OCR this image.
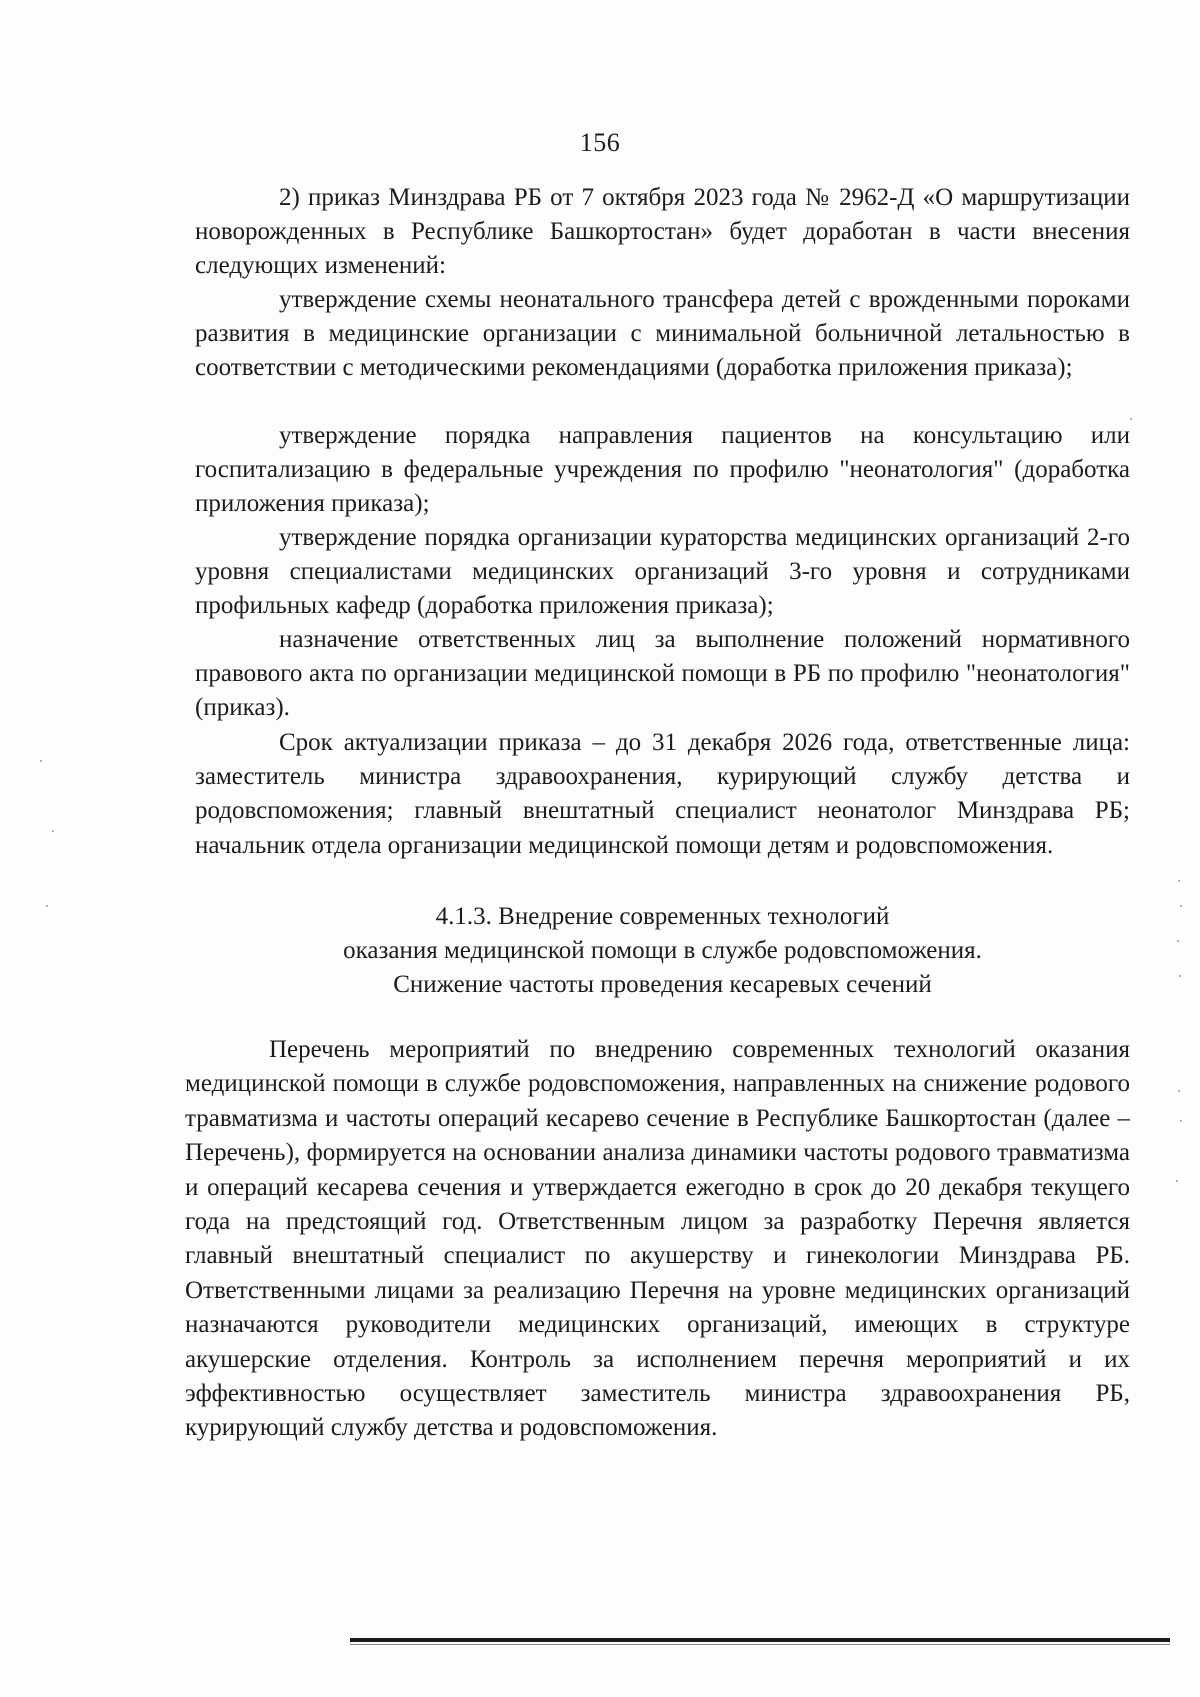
156
2) приказ Минздрава РБ от 7 октября 2023 года № 2962-Д «О маршрутизации новорожденных в Республике Башкортостан» будет доработан в части внесения следующих изменений:
утверждение схемы неонатального трансфера детей с врожденными пороками развития в медицинские организации с минимальной больничной летальностью в соответствии с методическими рекомендациями (доработка приложения приказа);
утверждение порядка направления пациентов на консультацию или госпитализацию в федеральные учреждения по профилю "неонатология" (доработка приложения приказа);
утверждение порядка организации кураторства медицинских организаций 2-го уровня специалистами медицинских организаций 3-го уровня и сотрудниками профильных кафедр (доработка приложения приказа);
назначение ответственных лиц за выполнение положений нормативного правового акта по организации медицинской помощи в РБ по профилю "неонатология" (приказ).
Срок актуализации приказа – до 31 декабря 2026 года, ответственные лица: заместитель министра здравоохранения, курирующий службу детства и родовспоможения; главный внештатный специалист неонатолог Минздрава РБ; начальник отдела организации медицинской помощи детям и родовспоможения.
4.1.3. Внедрение современных технологий
оказания медицинской помощи в службе родовспоможения.
Снижение частоты проведения кесаревых сечений
Перечень мероприятий по внедрению современных технологий оказания медицинской помощи в службе родовспоможения, направленных на снижение родового травматизма и частоты операций кесарево сечение в Республике Башкортостан (далее – Перечень), формируется на основании анализа динамики частоты родового травматизма и операций кесарева сечения и утверждается ежегодно в срок до 20 декабря текущего года на предстоящий год. Ответственным лицом за разработку Перечня является главный внештатный специалист по акушерству и гинекологии Минздрава РБ. Ответственными лицами за реализацию Перечня на уровне медицинских организаций назначаются руководители медицинских организаций, имеющих в структуре акушерские отделения. Контроль за исполнением перечня мероприятий и их эффективностью осуществляет заместитель министра здравоохранения РБ, курирующий службу детства и родовспоможения.
